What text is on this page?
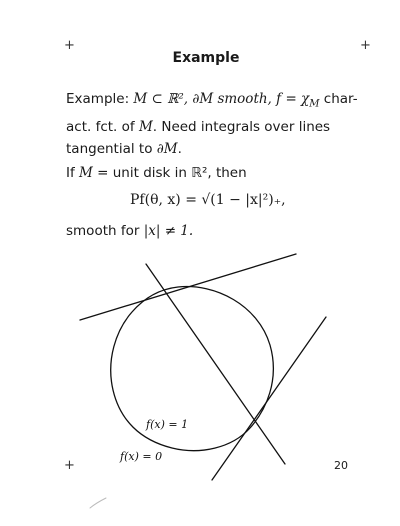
+	+
+
Example
Example: M ⊂ ℝ², ∂M smooth, $f = \chi_M$ char-act. fct. of M. Need integrals over lines tangential to ∂M.
If M = unit disk in ℝ², then
Pf(θ, x) = √(1 − |x|²)₊,
smooth for |x| ≠ 1.
f(x) = 1
f(x) = 0
20
